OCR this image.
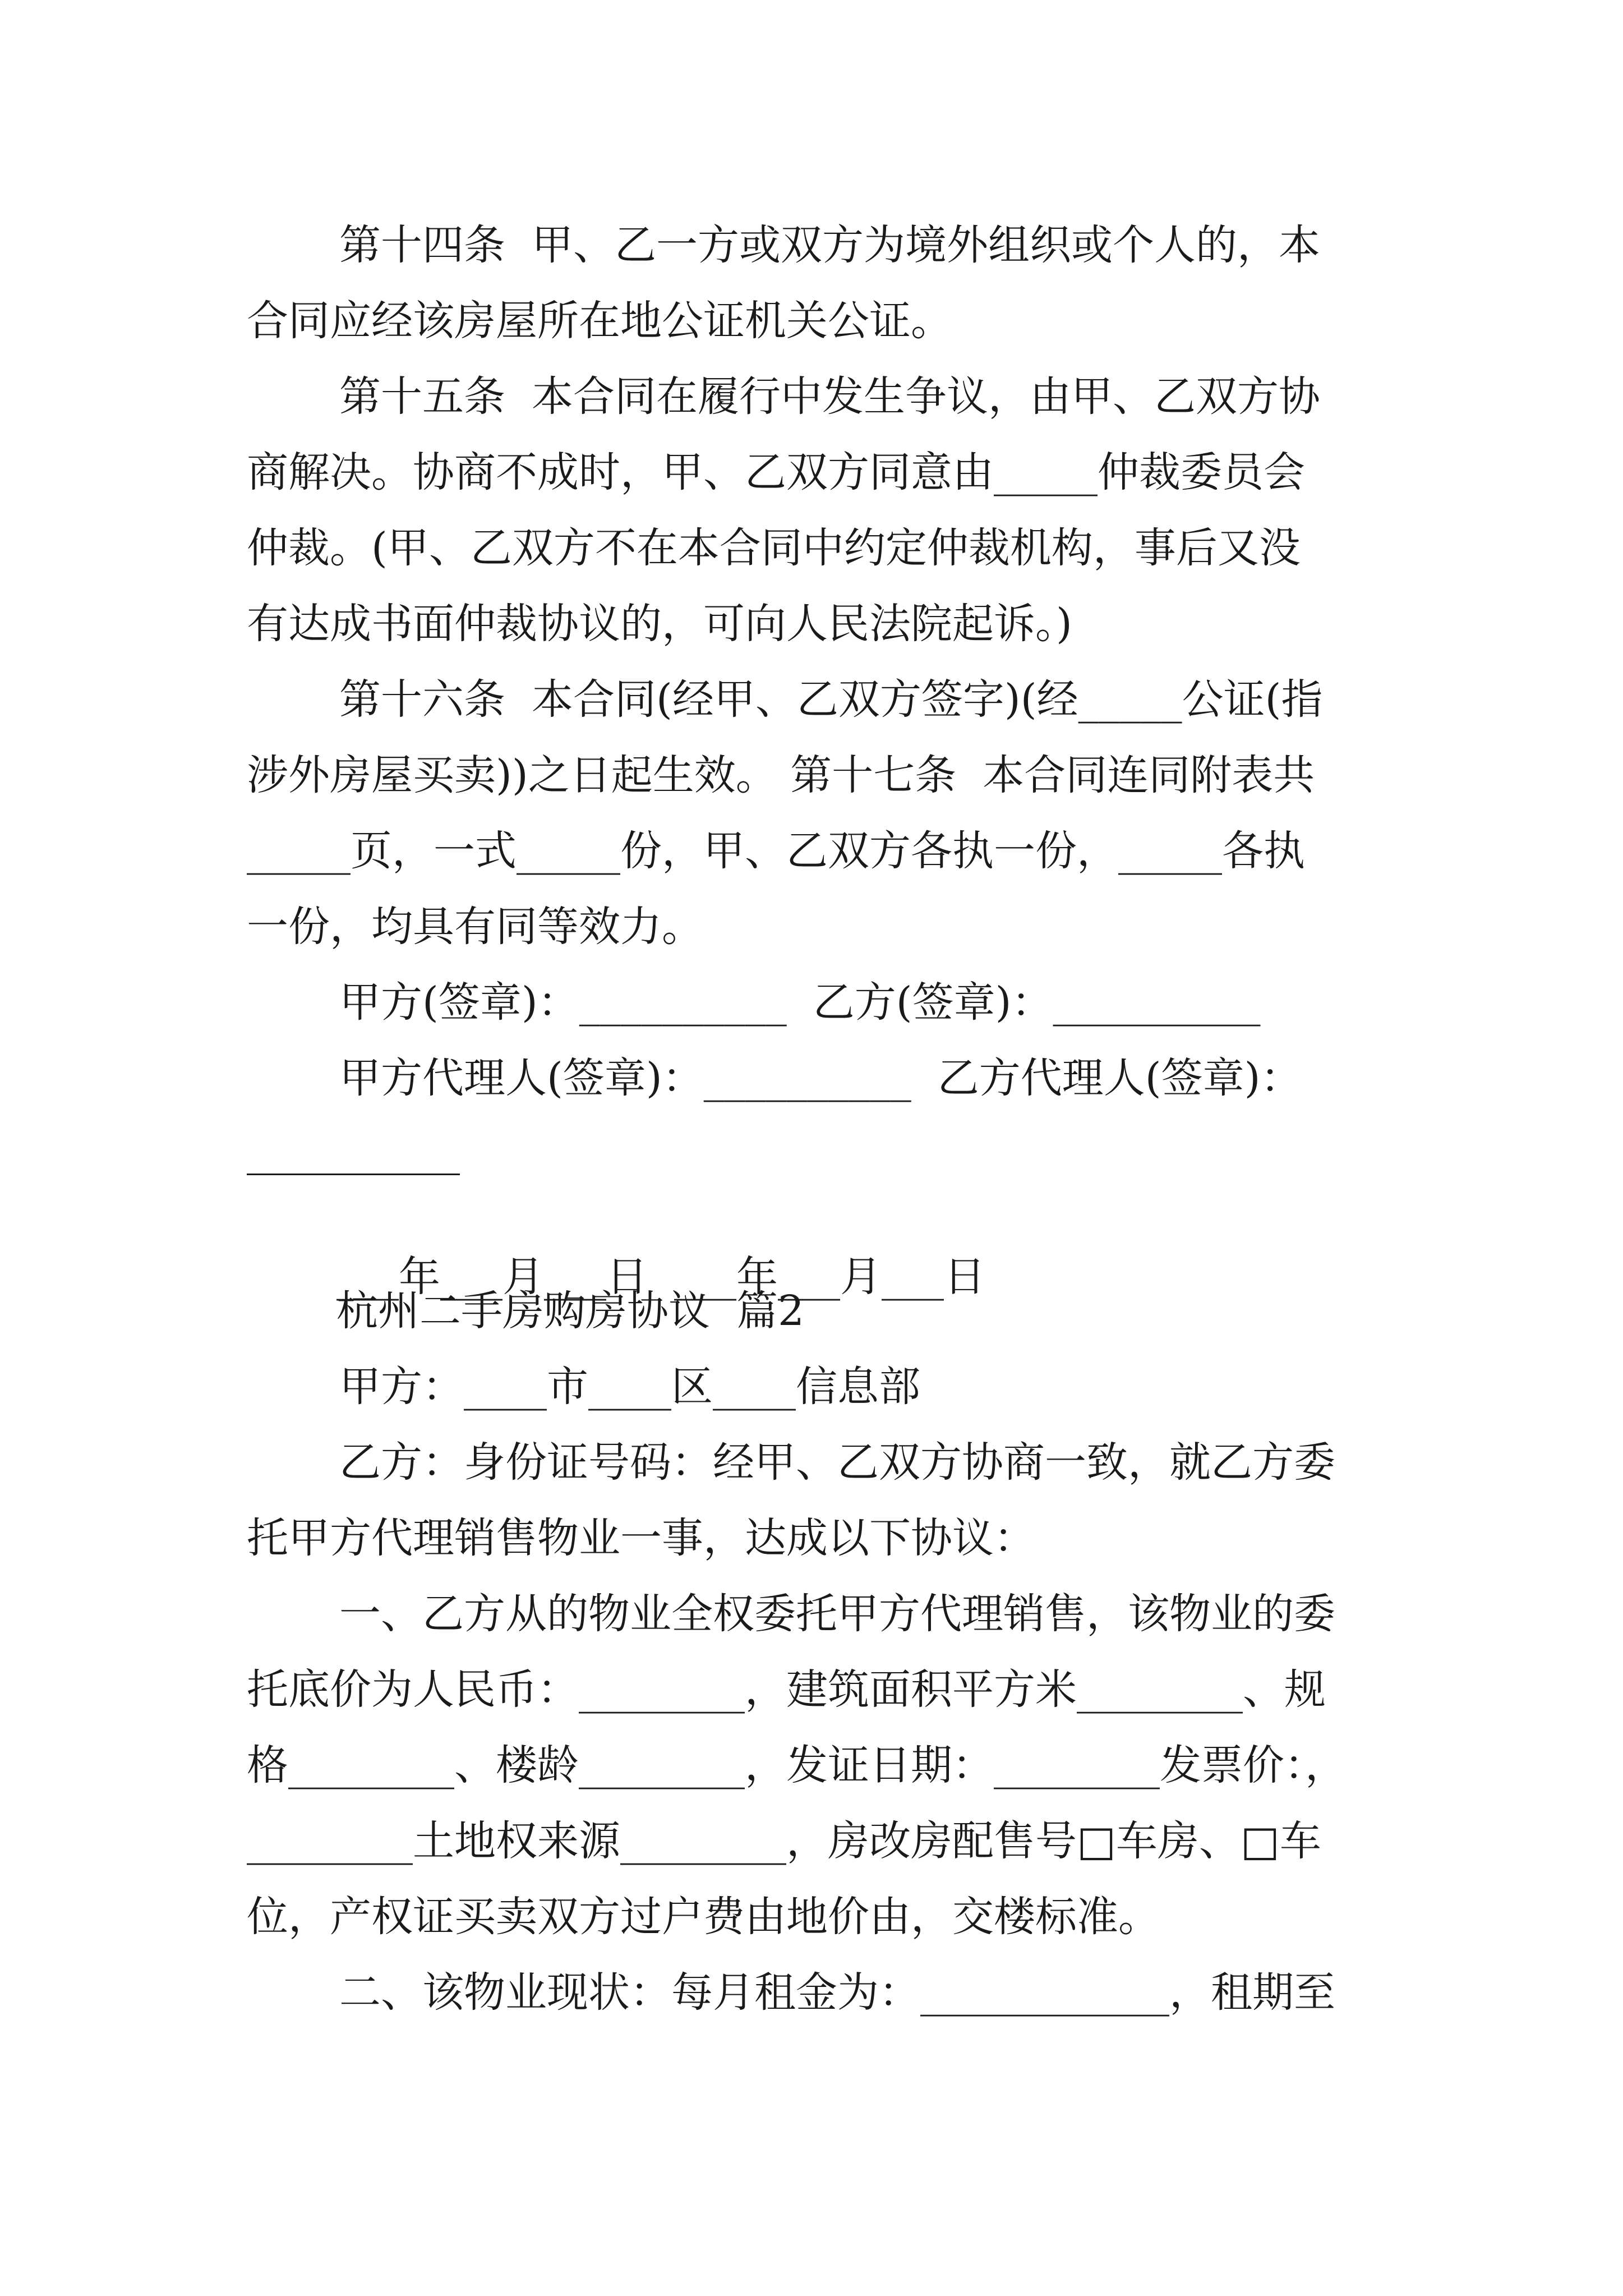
第十四条  甲、乙一方或双方为境外组织或个人的，本

合同应经该房屋所在地公证机关公证。

第十五条  本合同在履行中发生争议，由甲、乙双方协

商解决。协商不成时，甲、乙双方同意由_____仲裁委员会

仲裁。(甲、乙双方不在本合同中约定仲裁机构，事后又没

有达成书面仲裁协议的，可向人民法院起诉。)

第十六条  本合同(经甲、乙双方签字)(经_____公证(指

涉外房屋买卖))之日起生效。 第十七条  本合同连同附表共

_____页，一式_____份，甲、乙双方各执一份，_____各执

一份，均具有同等效力。

甲方(签章)：__________  乙方(签章)：__________

甲方代理人(签章)：__________  乙方代理人(签章)：

___年___月___日  ___年___月___日

杭州二手房购房协议  篇2

甲方：____市____区____信息部

乙方：身份证号码：经甲、乙双方协商一致，就乙方委

托甲方代理销售物业一事，达成以下协议：

一、乙方从的物业全权委托甲方代理销售，该物业的委

托底价为人民币：________，建筑面积平方米________、规

格________、楼龄________，发证日期：________发票价：，

________土地权来源________，房改房配售号□车房、□车

位，产权证买卖双方过户费由地价由，交楼标准。

二、该物业现状：每月租金为：____________，租期至
